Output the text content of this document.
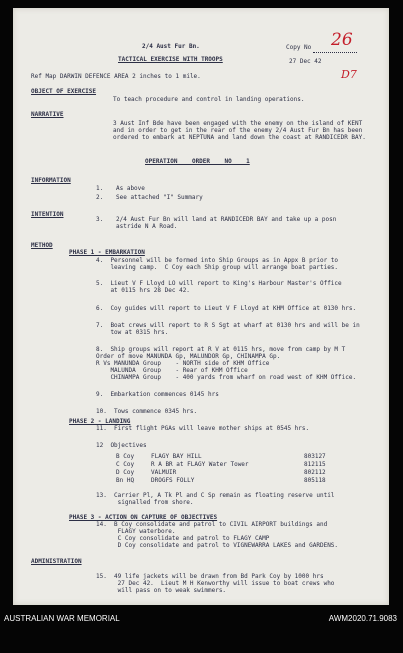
2/4 Aust Fur Bn.
TACTICAL EXERCISE WITH TROOPS
Copy No 26
27 Dec 42
D7
Ref Map DARWIN DEFENCE AREA 2 inches to 1 mile.
OBJECT OF EXERCISE
To teach procedure and control in landing operations.
NARRATIVE
3 Aust Inf Bde have been engaged with the enemy on the island of KENT
and in order to get in the rear of the enemy 2/4 Aust Fur Bn has been
ordered to embark at NEPTUNA and land down the coast at RANDICEDR BAY.
OPERATION    ORDER    NO    1
INFORMATION
1. As above
2. See attached "I" Summary
INTENTION
3. 2/4 Aust Fur Bn will land at RANDICEDR BAY and take up a posn
astride N A Road.
METHOD
PHASE 1 - EMBARKATION
4.  Personnel will be formed into Ship Groups as in Appx B prior to
leaving camp.  C Coy each Ship group will arrange boat parties.
5.  Lieut V F Lloyd LO will report to King's Harbour Master's Office
at 0115 hrs 28 Dec 42.
6.  Coy guides will report to Lieut V F Lloyd at KHM Office at 0130 hrs.
7.  Boat crews will report to R S Sgt at wharf at 0130 hrs and will be in
tow at 0315 hrs.
8.  Ship groups will report at R V at 0115 hrs, move from camp by M T
Order of move MANUNDA Gp, MALUNDOR Gp, CHINAMPA Gp.
R Vs MANUNDA Group    - NORTH side of KHM Office
MALUNDA  Group    - Rear of KHM Office
CHINAMPA Group    - 400 yards from wharf on road west of KHM Office.
9.  Embarkation commences 0145 hrs
10.  Tows commence 0345 hrs.
PHASE 2 - LANDING
11.  First flight PGAs will leave mother ships at 0545 hrs.
12  Objectives
B Coy	FLAGY BAY HILL	803127
C Coy	R A BR at FLAGY Water Tower	812115
D Coy	VALMUIR	802112
Bn HQ	DROGFS FOLLY	805118
13.  Carrier Pl, A Tk Pl and C Sp remain as floating reserve until
signalled from shore.
PHASE 3 - ACTION ON CAPTURE OF OBJECTIVES
14.  B Coy consolidate and patrol to CIVIL AIRPORT buildings and
FLAGY waterbore.
C Coy consolidate and patrol to FLAGY CAMP
D Coy consolidate and patrol to VIGNEWARRA LAKES and GARDENS.
ADMINISTRATION
15.  49 life jackets will be drawn from Bd Park Coy by 1000 hrs
27 Dec 42.  Lieut M H Kenworthy will issue to boat crews who
will pass on to weak swimmers.
AUSTRALIAN WAR MEMORIAL	AWM2020.71.9083
